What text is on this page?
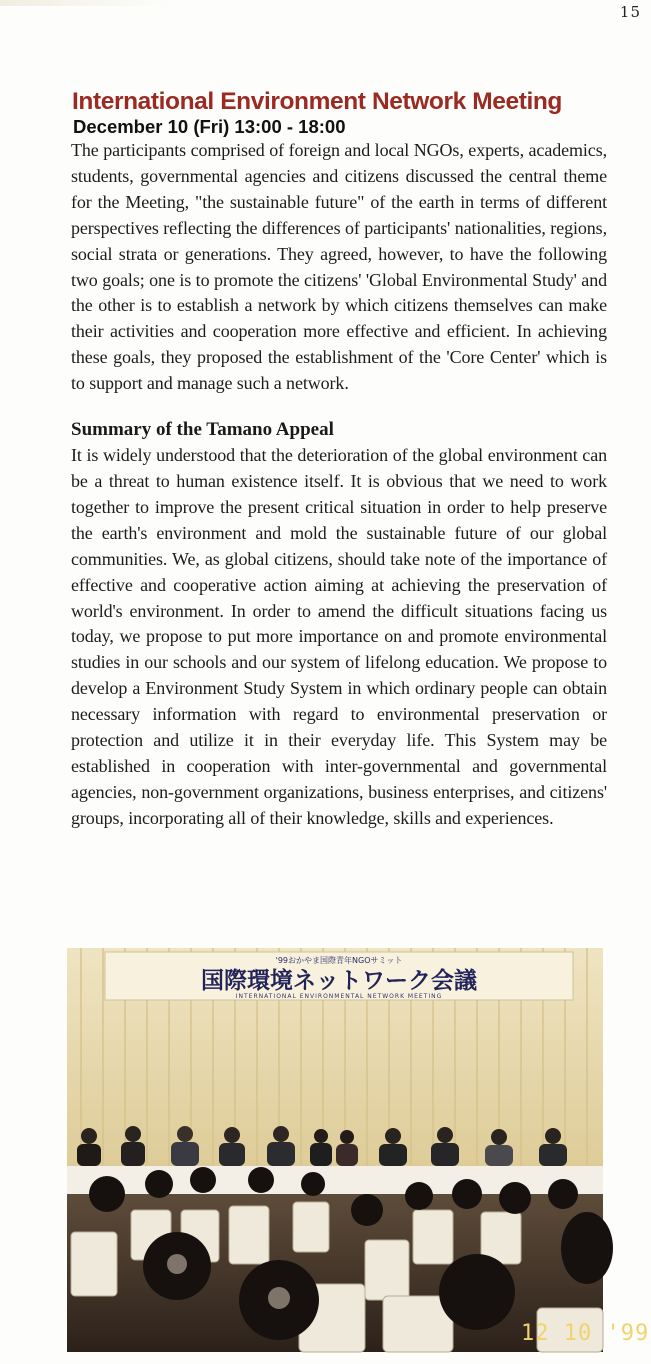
15
International Environment Network Meeting
December 10 (Fri) 13:00 - 18:00

The participants comprised of foreign and local NGOs, experts, academics, students, governmental agencies and citizens discussed the central theme for the Meeting, "the sustainable future" of the earth in terms of different perspectives reflecting the differences of participants' nationalities, regions, social strata or generations. They agreed, however, to have the following two goals; one is to promote the citizens' 'Global Environmental Study' and the other is to establish a network by which citizens themselves can make their activities and cooperation more effective and efficient. In achieving these goals, they proposed the establishment of the 'Core Center' which is to support and manage such a network.

Summary of the Tamano Appeal

It is widely understood that the deterioration of the global environment can be a threat to human existence itself. It is obvious that we need to work together to improve the present critical situation in order to help preserve the earth's environment and mold the sustainable future of our global communities. We, as global citizens, should take note of the importance of effective and cooperative action aiming at achieving the preservation of world's environment. In order to amend the difficult situations facing us today, we propose to put more importance on and promote environmental studies in our schools and our system of lifelong education. We propose to develop a Environment Study System in which ordinary people can obtain necessary information with regard to environmental preservation or protection and utilize it in their everyday life. This System may be established in cooperation with inter-governmental and governmental agencies, non-government organizations, business enterprises, and citizens' groups, incorporating all of their knowledge, skills and experiences.

'99おかやま国際青年NGOサミット
国際環境ネットワーク会議
INTERNATIONAL ENVIRONMENTAL NETWORK MEETING
12 10 '99
